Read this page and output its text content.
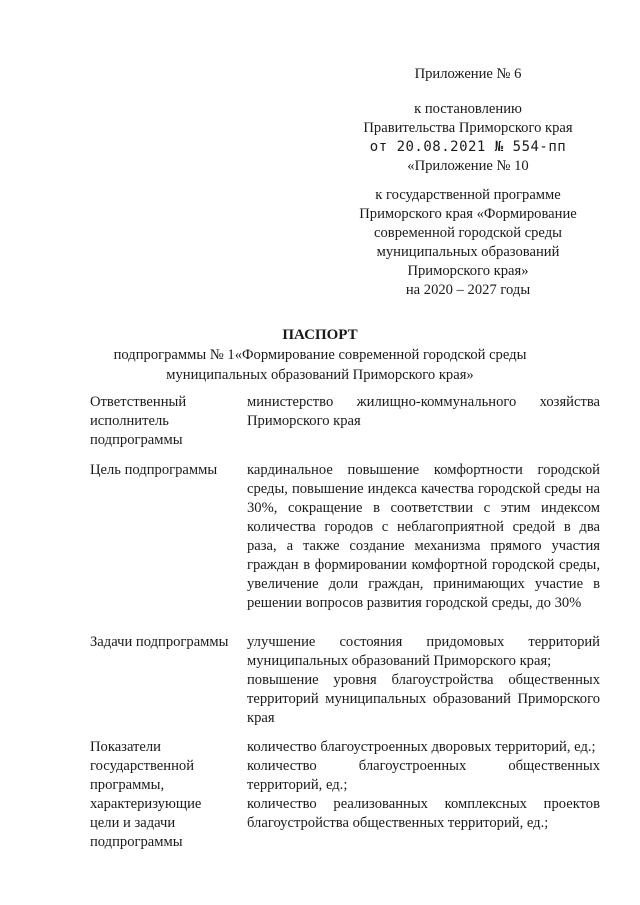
Приложение № 6
к постановлению
Правительства Приморского края
от 20.08.2021 № 554-пп
«Приложение № 10
к государственной программе
Приморского края «Формирование
современной городской среды
муниципальных образований
Приморского края»
на 2020 – 2027 годы
ПАСПОРТ
подпрограммы № 1«Формирование современной городской среды
муниципальных образований Приморского края»
Ответственный исполнитель подпрограммы

министерство жилищно-коммунального хозяйства Приморского края

Цель подпрограммы	кардинальное повышение комфортности городской среды, повышение индекса качества городской среды на 30%, сокращение в соответствии с этим индексом количества городов с неблагоприятной средой в два раза, а также создание механизма прямого участия граждан в формировании комфортной городской среды, увеличение доли граждан, принимающих участие в решении вопросов развития городской среды, до 30%

Задачи подпрограммы	улучшение состояния придомовых территорий муниципальных образований Приморского края;

повышение уровня благоустройства общественных территорий муниципальных образований Приморского края

Показатели государственной программы, характеризующие цели и задачи подпрограммы

количество благоустроенных дворовых территорий, ед.;

количество благоустроенных общественных территорий, ед.;

количество реализованных комплексных проектов благоустройства общественных территорий, ед.;
